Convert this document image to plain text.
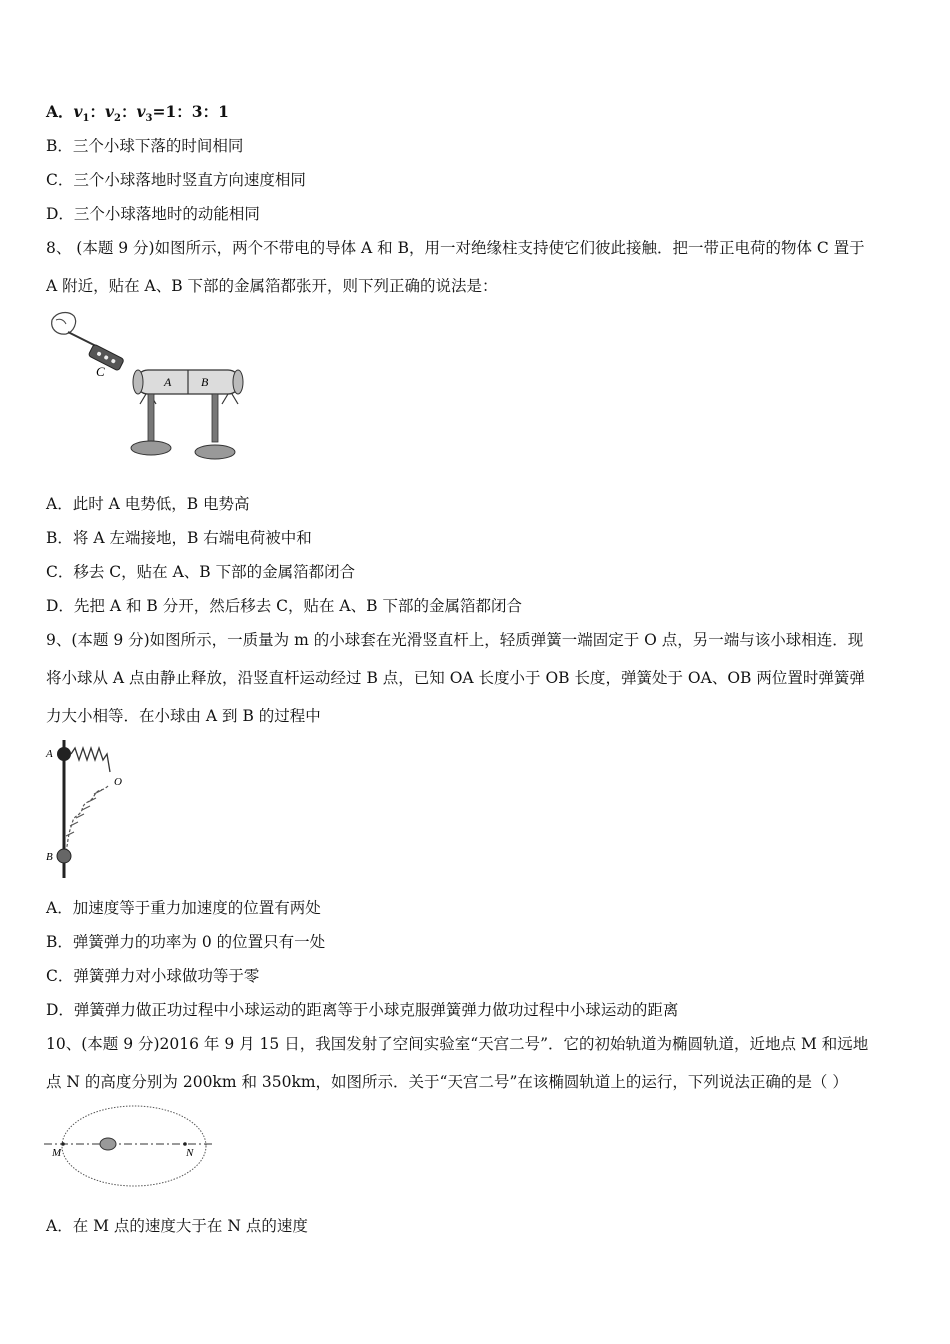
A．$v_1$：$v_2$：$v_3=1$：3：1
B．三个小球下落的时间相同
C．三个小球落地时竖直方向速度相同
D．三个小球落地时的动能相同
8、 (本题 9 分)如图所示，两个不带电的导体 A 和 B，用一对绝缘柱支持使它们彼此接触．把一带正电荷的物体 C 置于
A 附近，贴在 A、B 下部的金属箔都张开，则下列正确的说法是：
C
A B
A．此时 A 电势低，B 电势高
B．将 A 左端接地，B 右端电荷被中和
C．移去 C，贴在 A、B 下部的金属箔都闭合
D．先把 A 和 B 分开，然后移去 C，贴在 A、B 下部的金属箔都闭合
9、(本题 9 分)如图所示，一质量为 m 的小球套在光滑竖直杆上，轻质弹簧一端固定于 O 点，另一端与该小球相连．现
将小球从 A 点由静止释放，沿竖直杆运动经过 B 点，已知 OA 长度小于 OB 长度，弹簧处于 OA、OB 两位置时弹簧弹
力大小相等．在小球由 A 到 B 的过程中
A
O
B
A．加速度等于重力加速度的位置有两处
B．弹簧弹力的功率为 0 的位置只有一处
C．弹簧弹力对小球做功等于零
D．弹簧弹力做正功过程中小球运动的距离等于小球克服弹簧弹力做功过程中小球运动的距离
10、(本题 9 分)2016 年 9 月 15 日，我国发射了空间实验室“天宫二号”．它的初始轨道为椭圆轨道，近地点 M 和远地
点 N 的高度分别为 200km 和 350km，如图所示．关于“天宫二号”在该椭圆轨道上的运行，下列说法正确的是（ ）
M	N
A．在 M 点的速度大于在 N 点的速度
